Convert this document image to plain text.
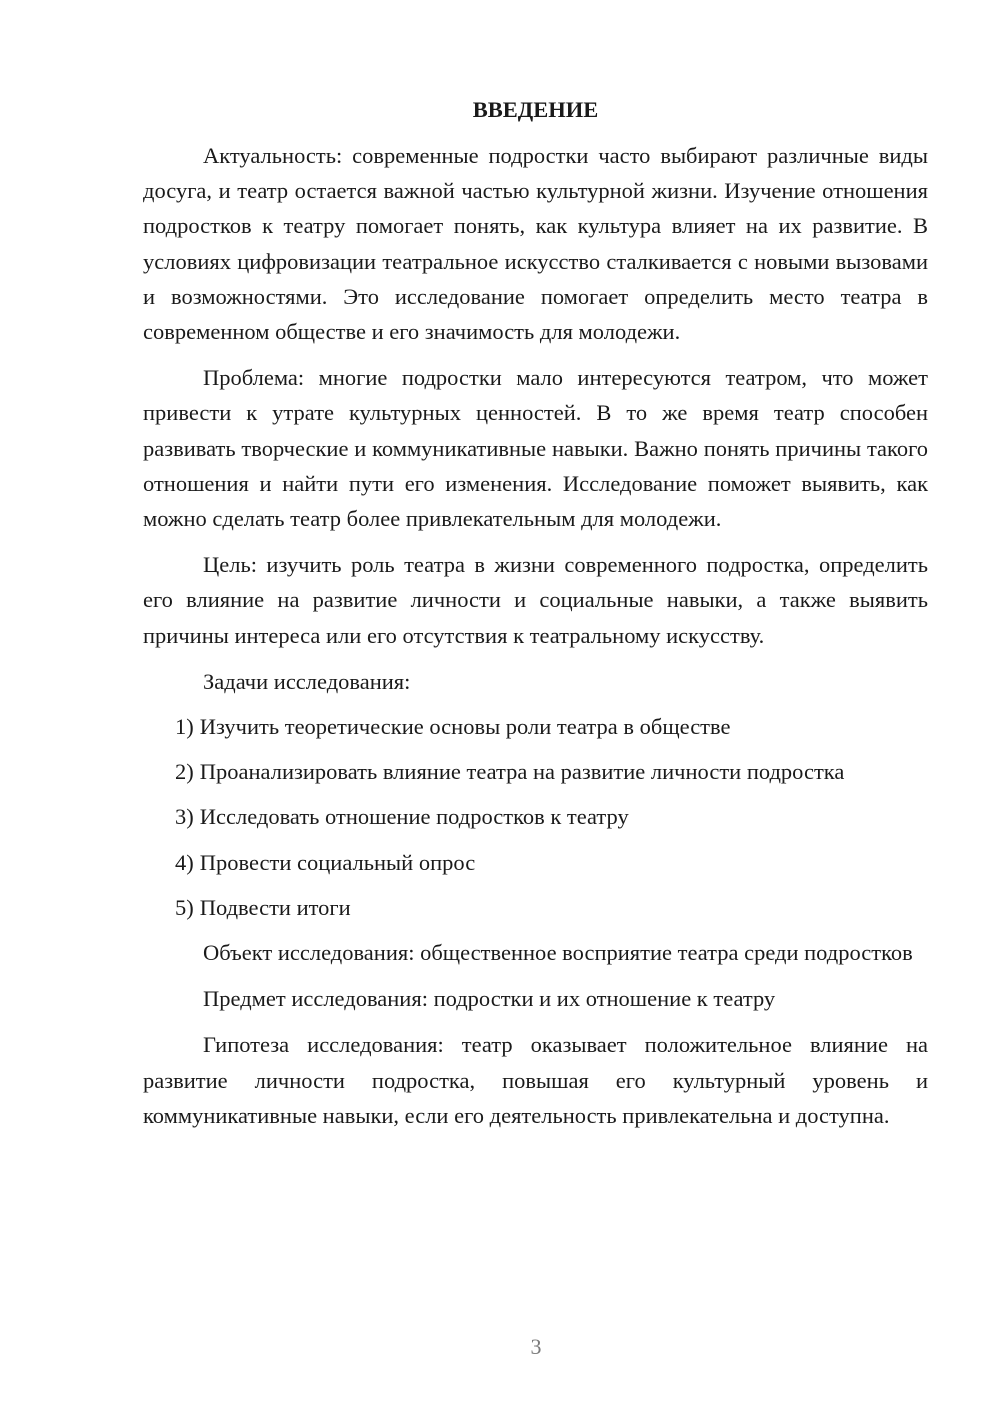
ВВЕДЕНИЕ

Актуальность: современные подростки часто выбирают различные виды досуга, и театр остается важной частью культурной жизни. Изучение отношения подростков к театру помогает понять, как культура влияет на их развитие. В условиях цифровизации театральное искусство сталкивается с новыми вызовами и возможностями. Это исследование помогает определить место театра в современном обществе и его значимость для молодежи.

Проблема: многие подростки мало интересуются театром, что может привести к утрате культурных ценностей. В то же время театр способен развивать творческие и коммуникативные навыки. Важно понять причины такого отношения и найти пути его изменения. Исследование поможет выявить, как можно сделать театр более привлекательным для молодежи.

Цель: изучить роль театра в жизни современного подростка, определить его влияние на развитие личности и социальные навыки, а также выявить причины интереса или его отсутствия к театральному искусству.

Задачи исследования:

1) Изучить теоретические основы роли театра в обществе
2) Проанализировать влияние театра на развитие личности подростка
3) Исследовать отношение подростков к театру
4) Провести социальный опрос
5) Подвести итоги

Объект исследования: общественное восприятие театра среди подростков

Предмет исследования: подростки и их отношение к театру

Гипотеза исследования: театр оказывает положительное влияние на развитие личности подростка, повышая его культурный уровень и коммуникативные навыки, если его деятельность привлекательна и доступна.

3
